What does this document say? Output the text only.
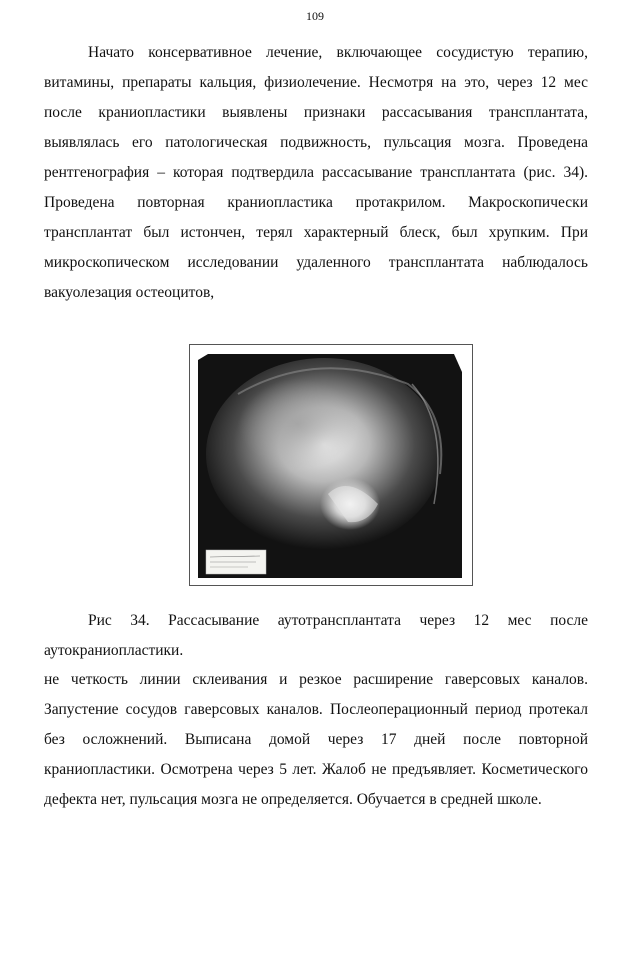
109

Начато консервативное лечение, включающее сосудистую терапию, витамины, препараты кальция, физиолечение. Несмотря на это, через 12 мес после краниопластики выявлены признаки рассасывания трансплантата, выявлялась его патологическая подвижность, пульсация мозга. Проведена рентгенография – которая подтвердила рассасывание трансплантата (рис. 34). Проведена повторная краниопластика протакрилом. Макроскопически трансплантат был истончен, терял характерный блеск, был хрупким. При микроскопическом исследовании удаленного трансплантата наблюдалось вакуолезация остеоцитов,

Рис 34. Рассасывание аутотрансплантата через 12 мес после аутокраниопластики.

не четкость линии склеивания и резкое расширение гаверсовых каналов. Запустение сосудов гаверсовых каналов. Послеоперационный период протекал без осложнений. Выписана домой через 17 дней после повторной краниопластики. Осмотрена через 5 лет. Жалоб не предъявляет. Косметического дефекта нет, пульсация мозга не определяется. Обучается в средней школе.
